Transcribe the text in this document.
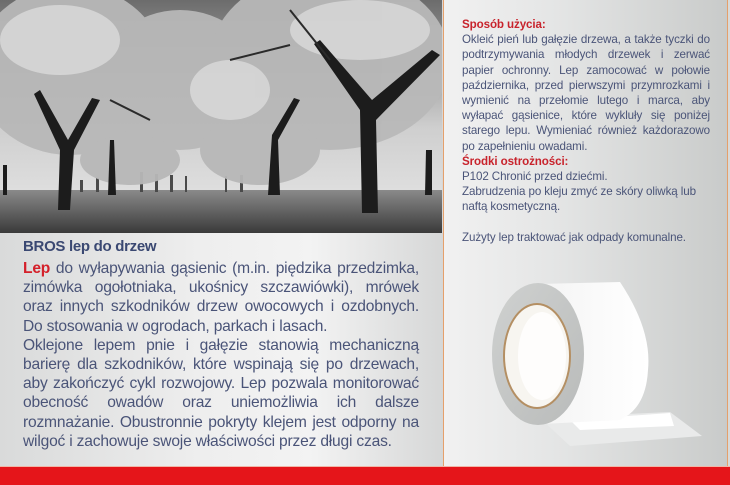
BROS lep do drzew

Lep do wyłapywania gąsienic (m.in. piędzika przedzimka, zimówka ogołotniaka, ukośnicy szczawiówki), mrówek oraz innych szkodników drzew owocowych i ozdobnych. Do stosowania w ogrodach, parkach i lasach.

Oklejone lepem pnie i gałęzie stanowią mechaniczną barierę dla szkodników, które wspinają się po drzewach, aby zakończyć cykl rozwojowy. Lep pozwala monitorować obecność owadów oraz uniemożliwia ich dalsze rozmnażanie. Obustronnie pokryty klejem jest odporny na wilgoć i zachowuje swoje właściwości przez długi czas.

Sposób użycia:

Okleić pień lub gałęzie drzewa, a także tyczki do podtrzymywania młodych drzewek i zerwać papier ochronny. Lep zamocować w połowie października, przed pierwszymi przymrozkami i wymienić na przełomie lutego i marca, aby wyłapać gąsienice, które wykluły się poniżej starego lepu. Wymieniać również każdorazowo po zapełnieniu owadami.

Środki ostrożności:

P102 Chronić przed dziećmi.

Zabrudzenia po kleju zmyć ze skóry oliwką lub naftą kosmetyczną.

Zużyty lep traktować jak odpady komunalne.
